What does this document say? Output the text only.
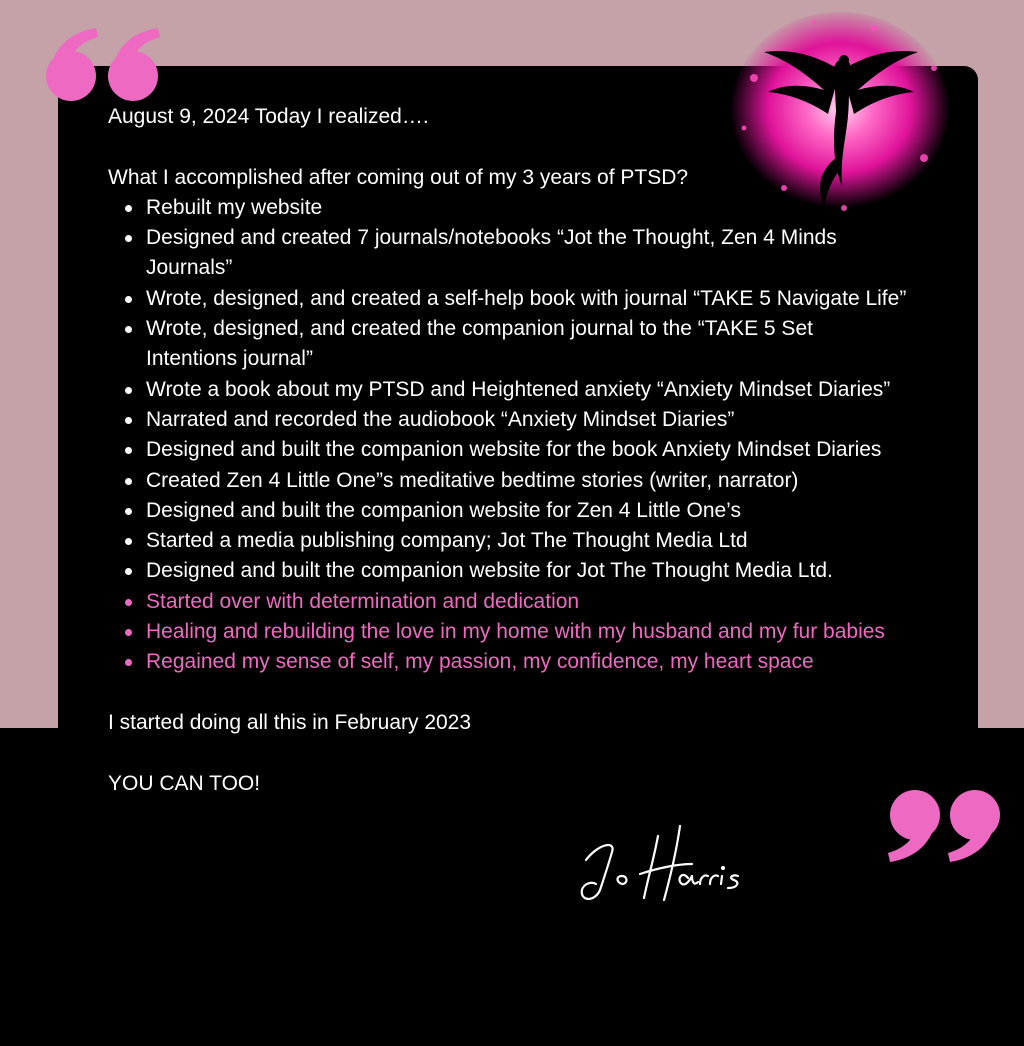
August 9, 2024 Today I realized….

What I accomplished after coming out of my 3 years of PTSD?

Rebuilt my website
Designed and created 7 journals/notebooks “Jot the Thought, Zen 4 Minds Journals”
Wrote, designed, and created a self-help book with journal “TAKE 5 Navigate Life”
Wrote, designed, and created the companion journal to the “TAKE 5 Set Intentions journal”
Wrote a book about my PTSD and Heightened anxiety “Anxiety Mindset Diaries”
Narrated and recorded the audiobook “Anxiety Mindset Diaries”
Designed and built the companion website for the book Anxiety Mindset Diaries
Created Zen 4 Little One”s meditative bedtime stories (writer, narrator)
Designed and built the companion website for Zen 4 Little One’s
Started a media publishing company; Jot The Thought Media Ltd
Designed and built the companion website for Jot The Thought Media Ltd.
Started over with determination and dedication
Healing and rebuilding the love in my home with my husband and my fur babies
Regained my sense of self, my passion, my confidence, my heart space

I started doing all this in February 2023

YOU CAN TOO!
